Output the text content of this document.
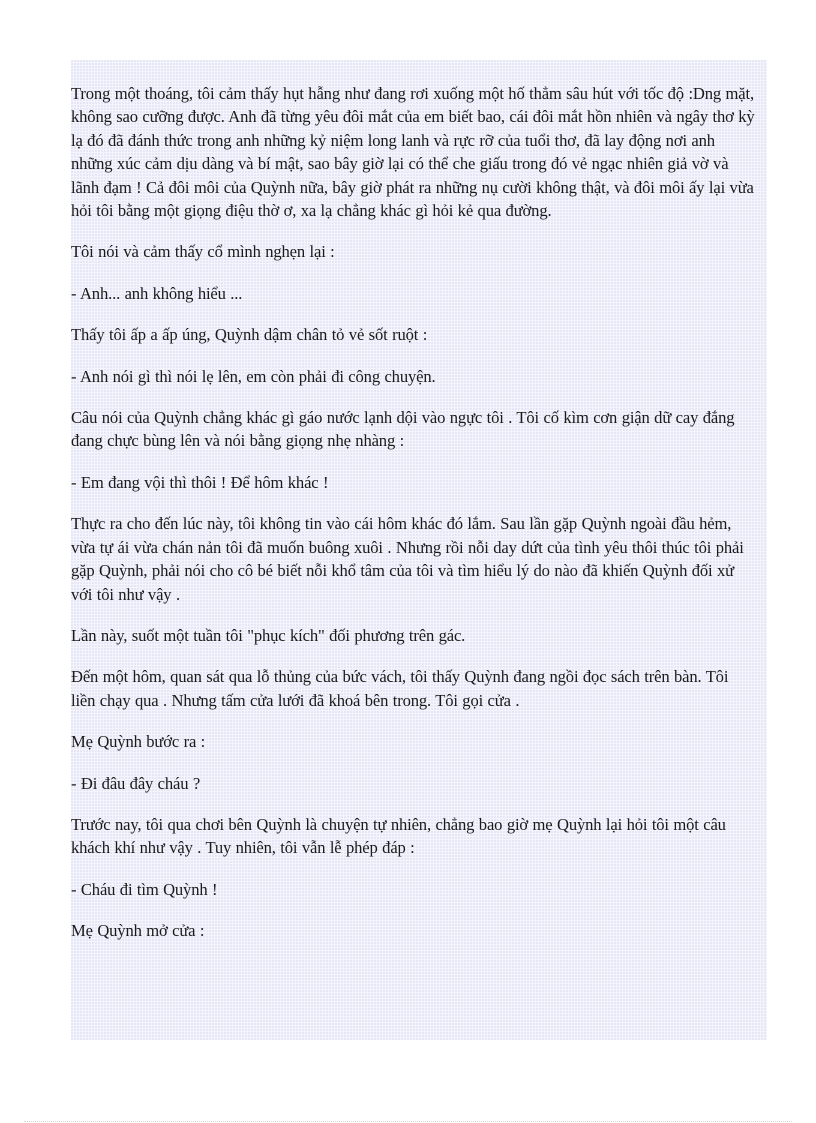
Trong một thoáng, tôi cảm thấy hụt hẫng như đang rơi xuống một hố thẳm sâu hút với tốc độ :Dng mặt, không sao cưỡng được. Anh đã từng yêu đôi mắt của em biết bao, cái đôi mắt hồn nhiên và ngây thơ kỳ lạ đó đã đánh thức trong anh những kỷ niệm long lanh và rực rỡ của tuổi thơ, đã lay động nơi anh những xúc cảm dịu dàng và bí mật, sao bây giờ lại có thể che giấu trong đó vẻ ngạc nhiên giả vờ và lãnh đạm ! Cả đôi môi của Quỳnh nữa, bây giờ phát ra những nụ cười không thật, và đôi môi ấy lại vừa hỏi tôi bằng một giọng điệu thờ ơ, xa lạ chẳng khác gì hỏi kẻ qua đường.

Tôi nói và cảm thấy cổ mình nghẹn lại :

- Anh... anh không hiểu ...

Thấy tôi ấp a ấp úng, Quỳnh dậm chân tỏ vẻ sốt ruột :

- Anh nói gì thì nói lẹ lên, em còn phải đi công chuyện.

Câu nói của Quỳnh chẳng khác gì gáo nước lạnh dội vào ngực tôi . Tôi cố kìm cơn giận dữ cay đắng đang chực bùng lên và nói bằng giọng nhẹ nhàng :

- Em đang vội thì thôi ! Để hôm khác !

Thực ra cho đến lúc này, tôi không tin vào cái hôm khác đó lắm. Sau lần gặp Quỳnh ngoài đầu hẻm, vừa tự ái vừa chán nản tôi đã muốn buông xuôi . Nhưng rồi nỗi day dứt của tình yêu thôi thúc tôi phải gặp Quỳnh, phải nói cho cô bé biết nỗi khổ tâm của tôi và tìm hiểu lý do nào đã khiến Quỳnh đối xử với tôi như vậy .

Lần này, suốt một tuần tôi "phục kích" đối phương trên gác.

Đến một hôm, quan sát qua lỗ thủng của bức vách, tôi thấy Quỳnh đang ngồi đọc sách trên bàn. Tôi liền chạy qua . Nhưng tấm cửa lưới đã khoá bên trong. Tôi gọi cửa .

Mẹ Quỳnh bước ra :

- Đi đâu đây cháu ?

Trước nay, tôi qua chơi bên Quỳnh là chuyện tự nhiên, chẳng bao giờ mẹ Quỳnh lại hỏi tôi một câu khách khí như vậy . Tuy nhiên, tôi vẫn lễ phép đáp :

- Cháu đi tìm Quỳnh !

Mẹ Quỳnh mở cửa :
